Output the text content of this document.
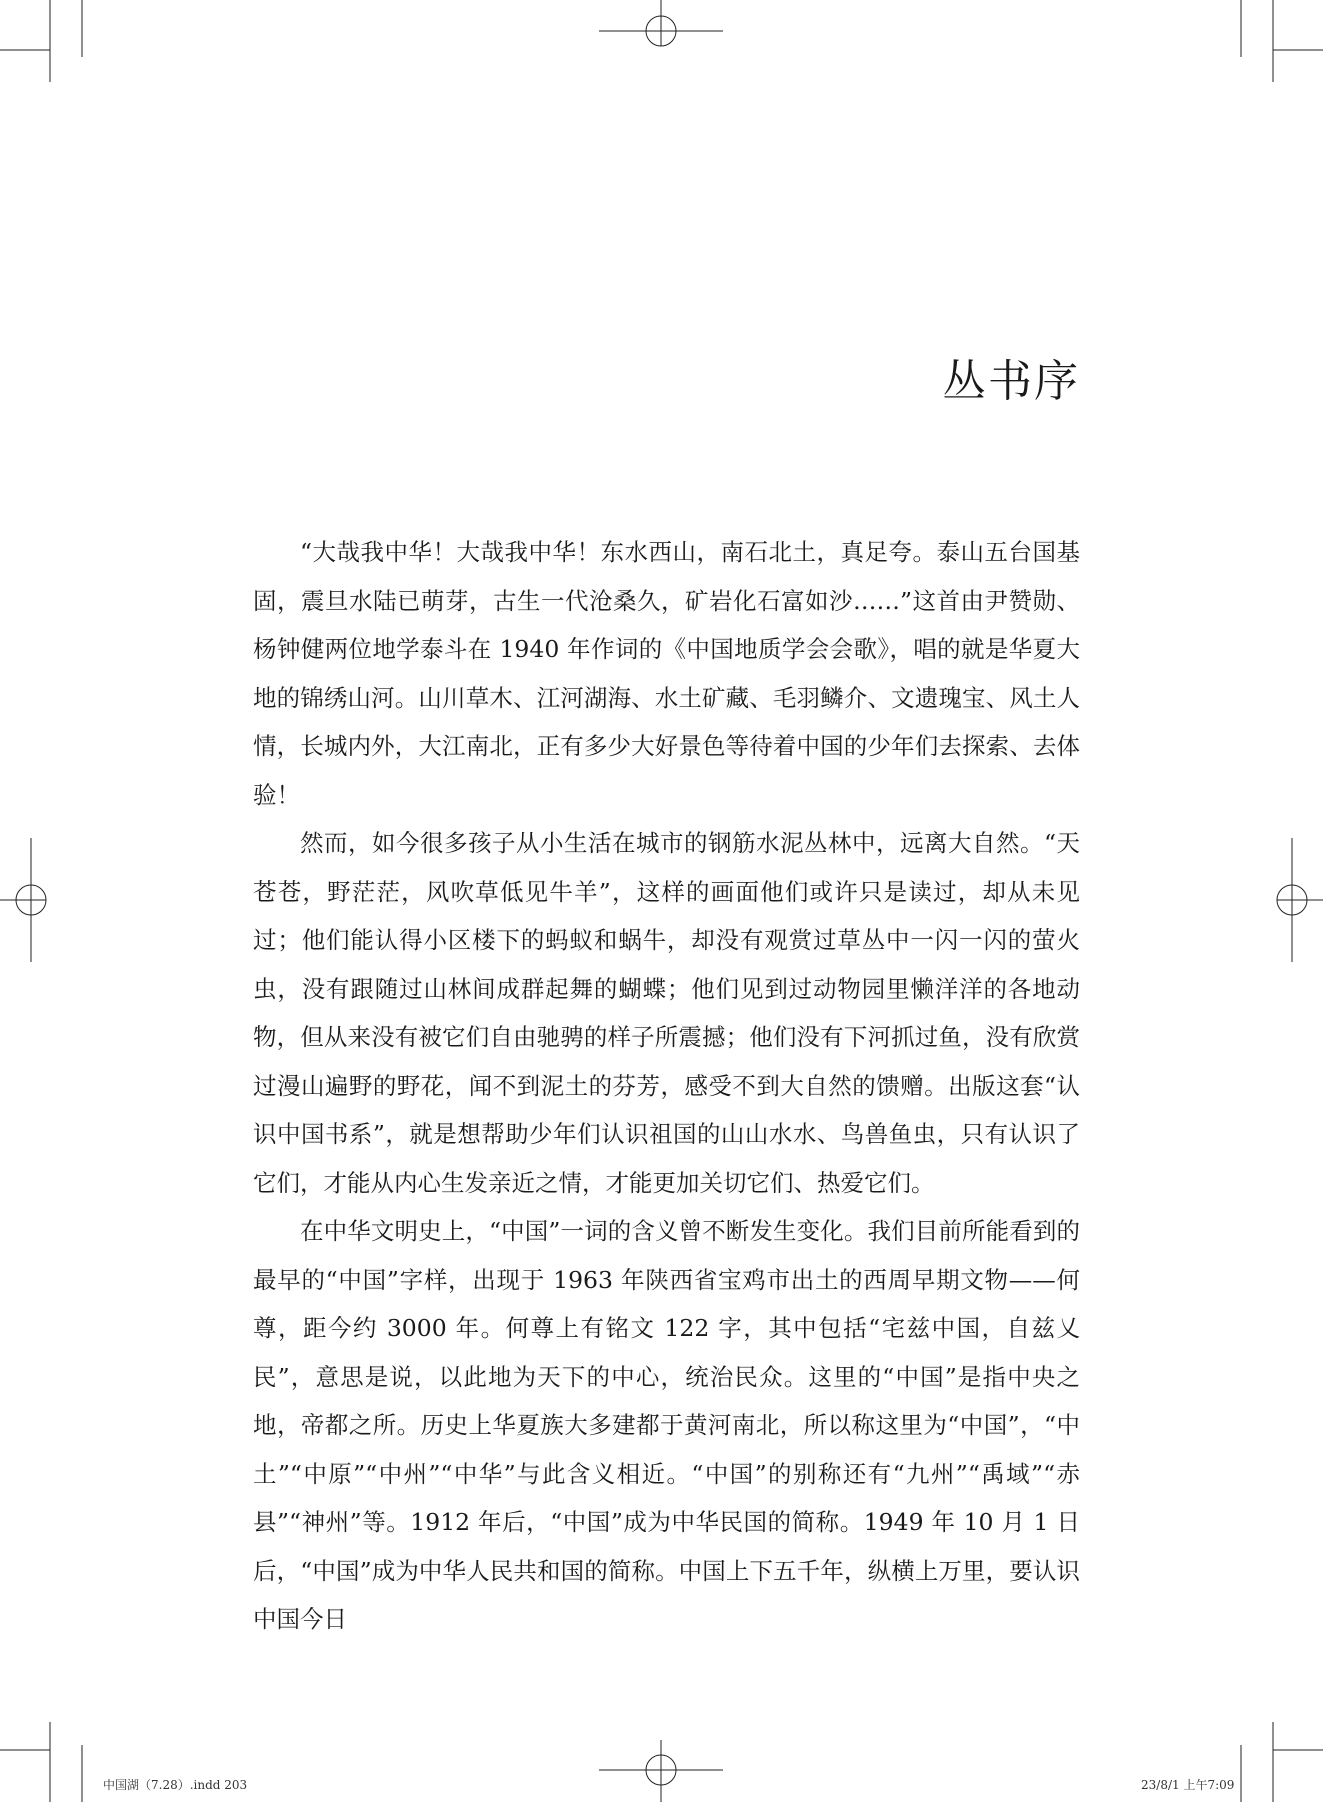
丛书序

“大哉我中华！大哉我中华！东水西山，南石北土，真足夸。泰山五台国基固，震旦水陆已萌芽，古生一代沧桑久，矿岩化石富如沙……”这首由尹赞勋、杨钟健两位地学泰斗在 1940 年作词的《中国地质学会会歌》，唱的就是华夏大地的锦绣山河。山川草木、江河湖海、水土矿藏、毛羽鳞介、文遗瑰宝、风土人情，长城内外，大江南北，正有多少大好景色等待着中国的少年们去探索、去体验！

然而，如今很多孩子从小生活在城市的钢筋水泥丛林中，远离大自然。“天苍苍，野茫茫，风吹草低见牛羊”，这样的画面他们或许只是读过，却从未见过；他们能认得小区楼下的蚂蚁和蜗牛，却没有观赏过草丛中一闪一闪的萤火虫，没有跟随过山林间成群起舞的蝴蝶；他们见到过动物园里懒洋洋的各地动物，但从来没有被它们自由驰骋的样子所震撼；他们没有下河抓过鱼，没有欣赏过漫山遍野的野花，闻不到泥土的芬芳，感受不到大自然的馈赠。出版这套“认识中国书系”，就是想帮助少年们认识祖国的山山水水、鸟兽鱼虫，只有认识了它们，才能从内心生发亲近之情，才能更加关切它们、热爱它们。

在中华文明史上，“中国”一词的含义曾不断发生变化。我们目前所能看到的最早的“中国”字样，出现于 1963 年陕西省宝鸡市出土的西周早期文物——何尊，距今约 3000 年。何尊上有铭文 122 字，其中包括“宅兹中国，自兹乂民”，意思是说，以此地为天下的中心，统治民众。这里的“中国”是指中央之地，帝都之所。历史上华夏族大多建都于黄河南北，所以称这里为“中国”，“中土”“中原”“中州”“中华”与此含义相近。“中国”的别称还有“九州”“禹域”“赤县”“神州”等。1912 年后，“中国”成为中华民国的简称。1949 年 10 月 1 日后，“中国”成为中华人民共和国的简称。中国上下五千年，纵横上万里，要认识中国今日

中国湖（7.28）.indd 203	23/8/1 上午7:09
